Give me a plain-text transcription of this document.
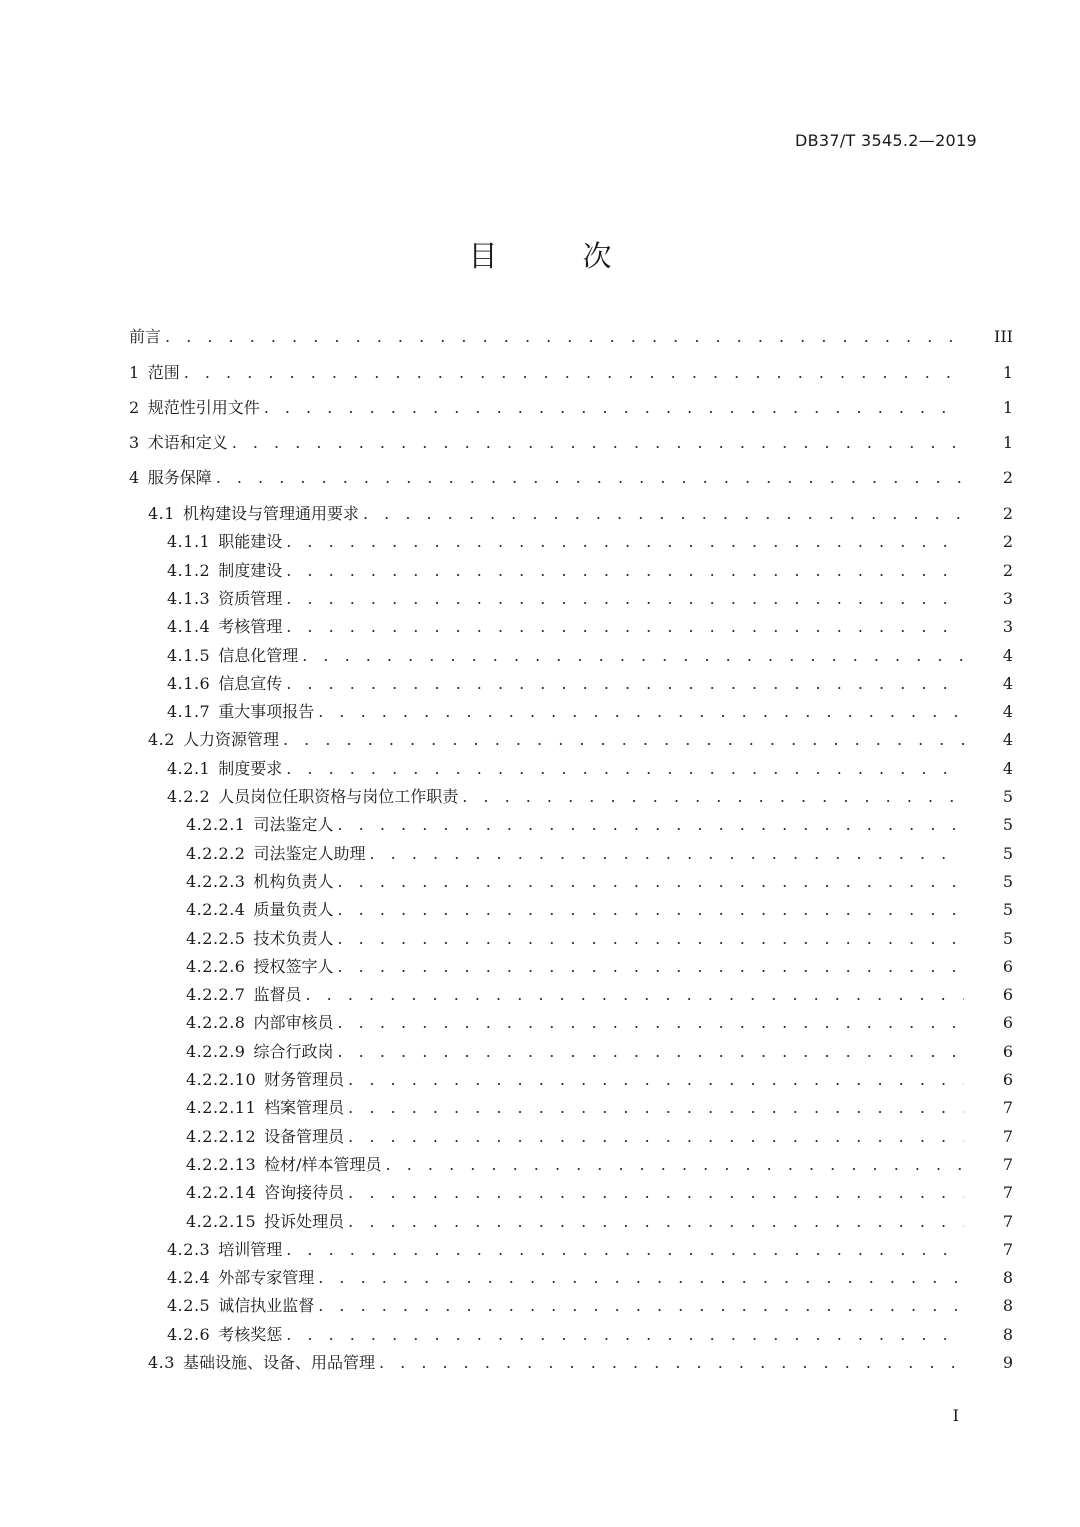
DB37/T 3545.2—2019
目　次
前言 . . .	III
1 范围 . . .	1
2 规范性引用文件 . . .	1
3 术语和定义 . . .	1
4 服务保障 . . .	2
4.1 机构建设与管理通用要求 . . .	2
4.1.1 职能建设 . . .	2
4.1.2 制度建设 . . .	2
4.1.3 资质管理 . . .	3
4.1.4 考核管理 . . .	3
4.1.5 信息化管理 . . .	4
4.1.6 信息宣传 . . .	4
4.1.7 重大事项报告 . . .	4
4.2 人力资源管理 . . .	4
4.2.1 制度要求 . . .	4
4.2.2 人员岗位任职资格与岗位工作职责 . . .	5
4.2.2.1 司法鉴定人 . . .	5
4.2.2.2 司法鉴定人助理 . . .	5
4.2.2.3 机构负责人 . . .	5
4.2.2.4 质量负责人 . . .	5
4.2.2.5 技术负责人 . . .	5
4.2.2.6 授权签字人 . . .	6
4.2.2.7 监督员 . . .	6
4.2.2.8 内部审核员 . . .	6
4.2.2.9 综合行政岗 . . .	6
4.2.2.10 财务管理员 . . .	6
4.2.2.11 档案管理员 . . .	7
4.2.2.12 设备管理员 . . .	7
4.2.2.13 检材/样本管理员 . . .	7
4.2.2.14 咨询接待员 . . .	7
4.2.2.15 投诉处理员 . . .	7
4.2.3 培训管理 . . .	7
4.2.4 外部专家管理 . . .	8
4.2.5 诚信执业监督 . . .	8
4.2.6 考核奖惩 . . .	8
4.3 基础设施、设备、用品管理 . . .	9
I
